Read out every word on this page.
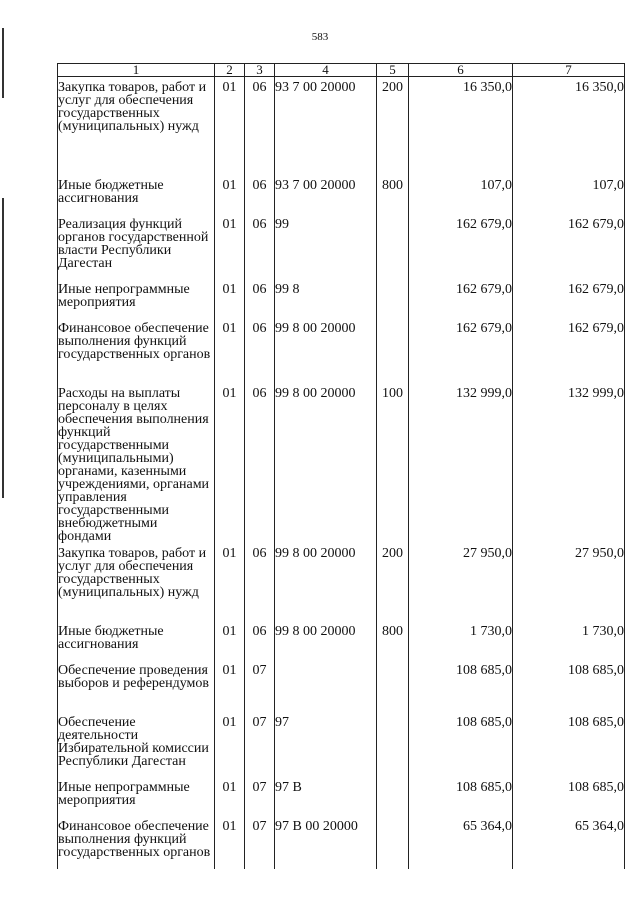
583
1	2	3	4	5	6	7
Закупка товаров, работ и услуг для обеспечения государственных (муниципальных) нужд	01	06	93 7 00 20000	200	16 350,0	16 350,0
Иные бюджетные ассигнования	01	06	93 7 00 20000	800	107,0	107,0
Реализация функций органов государственной власти Республики Дагестан	01	06	99		162 679,0	162 679,0
Иные непрограммные мероприятия	01	06	99 8		162 679,0	162 679,0
Финансовое обеспечение выполнения функций государственных органов	01	06	99 8 00 20000		162 679,0	162 679,0
Расходы на выплаты персоналу в целях обеспечения выполнения функций государственными (муниципальными) органами, казенными учреждениями, органами управления государственными внебюджетными фондами	01	06	99 8 00 20000	100	132 999,0	132 999,0
Закупка товаров, работ и услуг для обеспечения государственных (муниципальных) нужд	01	06	99 8 00 20000	200	27 950,0	27 950,0
Иные бюджетные ассигнования	01	06	99 8 00 20000	800	1 730,0	1 730,0
Обеспечение проведения выборов и референдумов	01	07			108 685,0	108 685,0
Обеспечение деятельности Избирательной комиссии Республики Дагестан	01	07	97		108 685,0	108 685,0
Иные непрограммные мероприятия	01	07	97 В		108 685,0	108 685,0
Финансовое обеспечение выполнения функций государственных органов	01	07	97 В 00 20000		65 364,0	65 364,0
